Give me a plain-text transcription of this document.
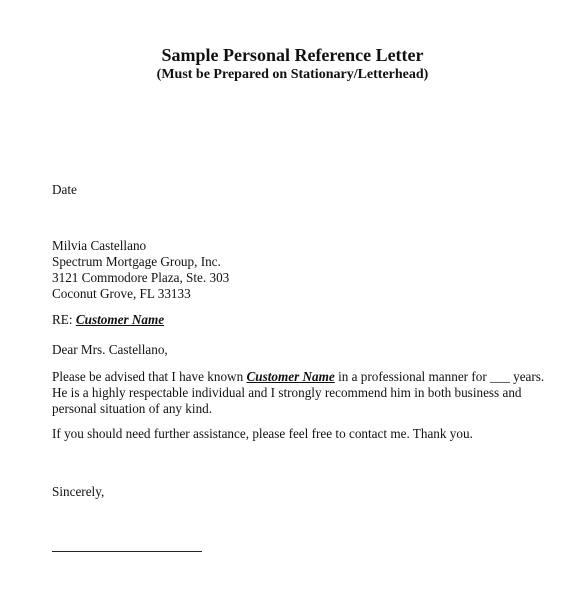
Sample Personal Reference Letter
(Must be Prepared on Stationary/Letterhead)
Date
Milvia Castellano
Spectrum Mortgage Group, Inc.
3121 Commodore Plaza, Ste. 303
Coconut Grove, FL 33133
RE: Customer Name
Dear Mrs. Castellano,
Please be advised that I have known Customer Name in a professional manner for ___ years. He is a highly respectable individual and I strongly recommend him in both business and personal situation of any kind.
If you should need further assistance, please feel free to contact me. Thank you.
Sincerely,
